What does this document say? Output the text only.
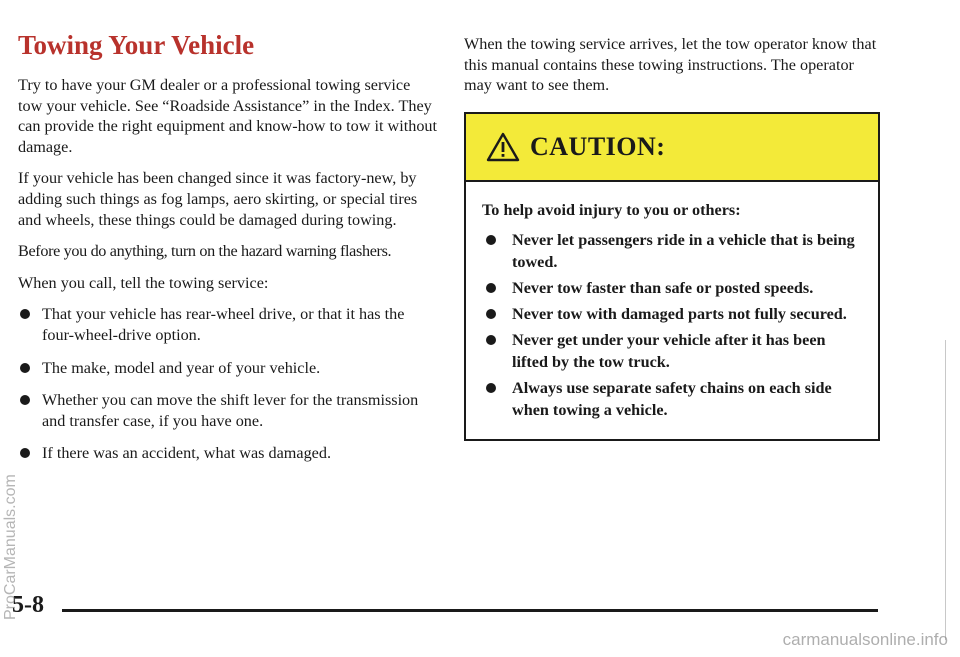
Towing Your Vehicle

Try to have your GM dealer or a professional towing service tow your vehicle. See “Roadside Assistance” in the Index. They can provide the right equipment and know-how to tow it without damage.

If your vehicle has been changed since it was factory-new, by adding such things as fog lamps, aero skirting, or special tires and wheels, these things could be damaged during towing.

Before you do anything, turn on the hazard warning flashers.

When you call, tell the towing service:

That your vehicle has rear-wheel drive, or that it has the four-wheel-drive option.
The make, model and year of your vehicle.
Whether you can move the shift lever for the transmission and transfer case, if you have one.
If there was an accident, what was damaged.

When the towing service arrives, let the tow operator know that this manual contains these towing instructions. The operator may want to see them.

CAUTION:

To help avoid injury to you or others:

Never let passengers ride in a vehicle that is being towed.
Never tow faster than safe or posted speeds.
Never tow with damaged parts not fully secured.
Never get under your vehicle after it has been lifted by the tow truck.
Always use separate safety chains on each side when towing a vehicle.
5-8
ProCarManuals.com
carmanualsonline.info
